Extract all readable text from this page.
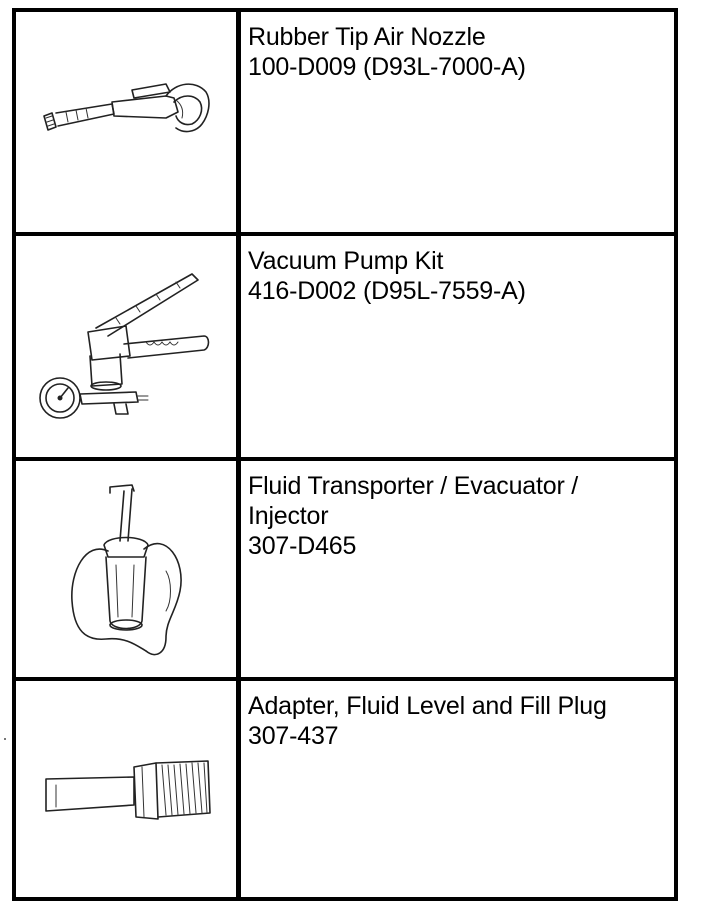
Rubber Tip Air Nozzle
100-D009 (D93L-7000-A)
Vacuum Pump Kit
416-D002 (D95L-7559-A)
Fluid Transporter / Evacuator /
Injector
307-D465
Adapter, Fluid Level and Fill Plug
307-437
